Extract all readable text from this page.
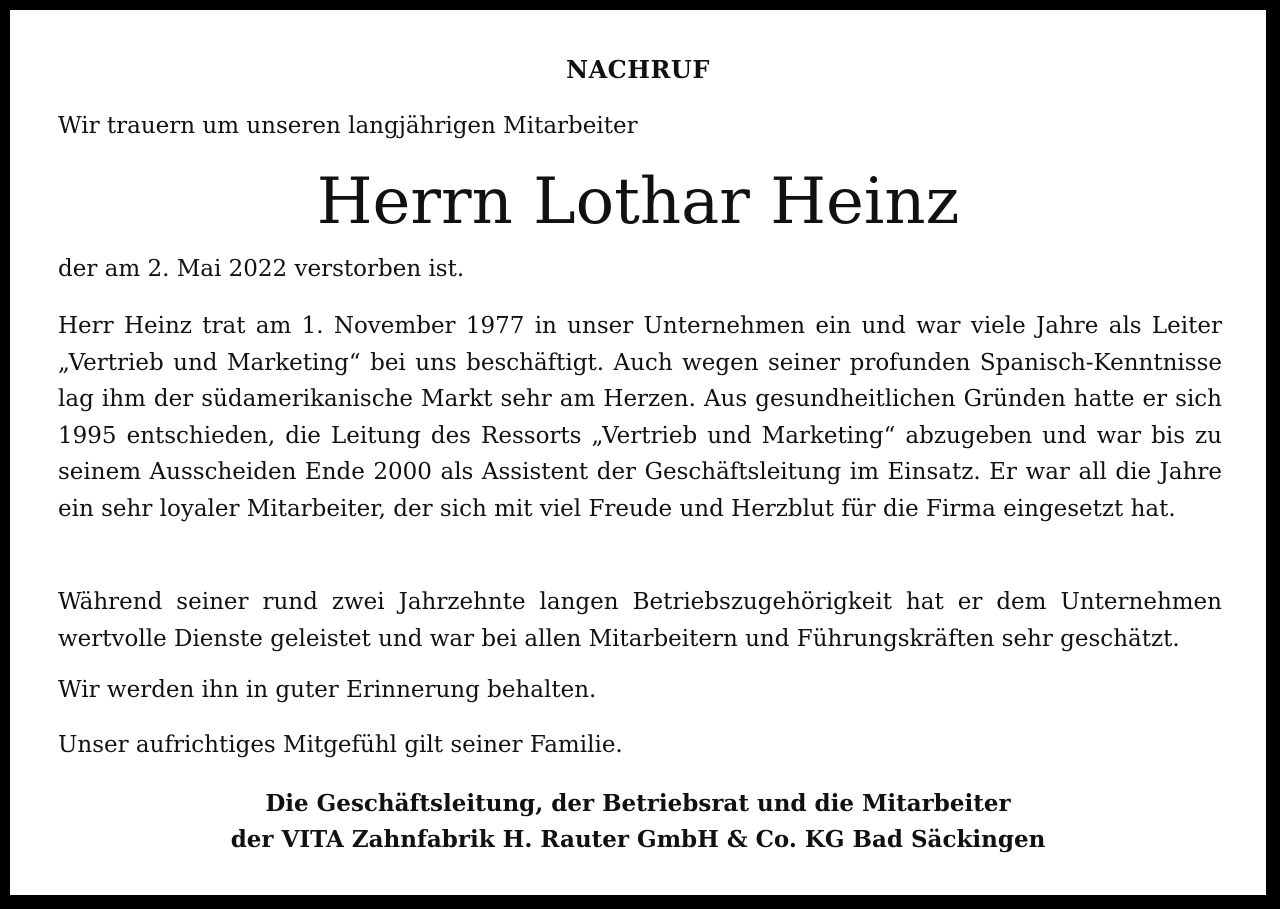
NACHRUF
Wir trauern um unseren langjährigen Mitarbeiter
Herrn Lothar Heinz
der am 2. Mai 2022 verstorben ist.
Herr Heinz trat am 1. November 1977 in unser Unternehmen ein und war viele Jahre als Leiter „Vertrieb und Marketing“ bei uns beschäftigt. Auch wegen seiner profunden Spanisch-Kenntnisse lag ihm der südamerikanische Markt sehr am Herzen. Aus gesundheitlichen Gründen hatte er sich 1995 entschieden, die Leitung des Ressorts „Vertrieb und Marketing“ abzugeben und war bis zu seinem Ausscheiden Ende 2000 als Assistent der Geschäftsleitung im Einsatz. Er war all die Jahre ein sehr loyaler Mitarbeiter, der sich mit viel Freude und Herzblut für die Firma eingesetzt hat.
Während seiner rund zwei Jahrzehnte langen Betriebszugehörigkeit hat er dem Unternehmen wertvolle Dienste geleistet und war bei allen Mitarbeitern und Führungskräften sehr geschätzt.
Wir werden ihn in guter Erinnerung behalten.
Unser aufrichtiges Mitgefühl gilt seiner Familie.
Die Geschäftsleitung, der Betriebsrat und die Mitarbeiter
der VITA Zahnfabrik H. Rauter GmbH & Co. KG Bad Säckingen
